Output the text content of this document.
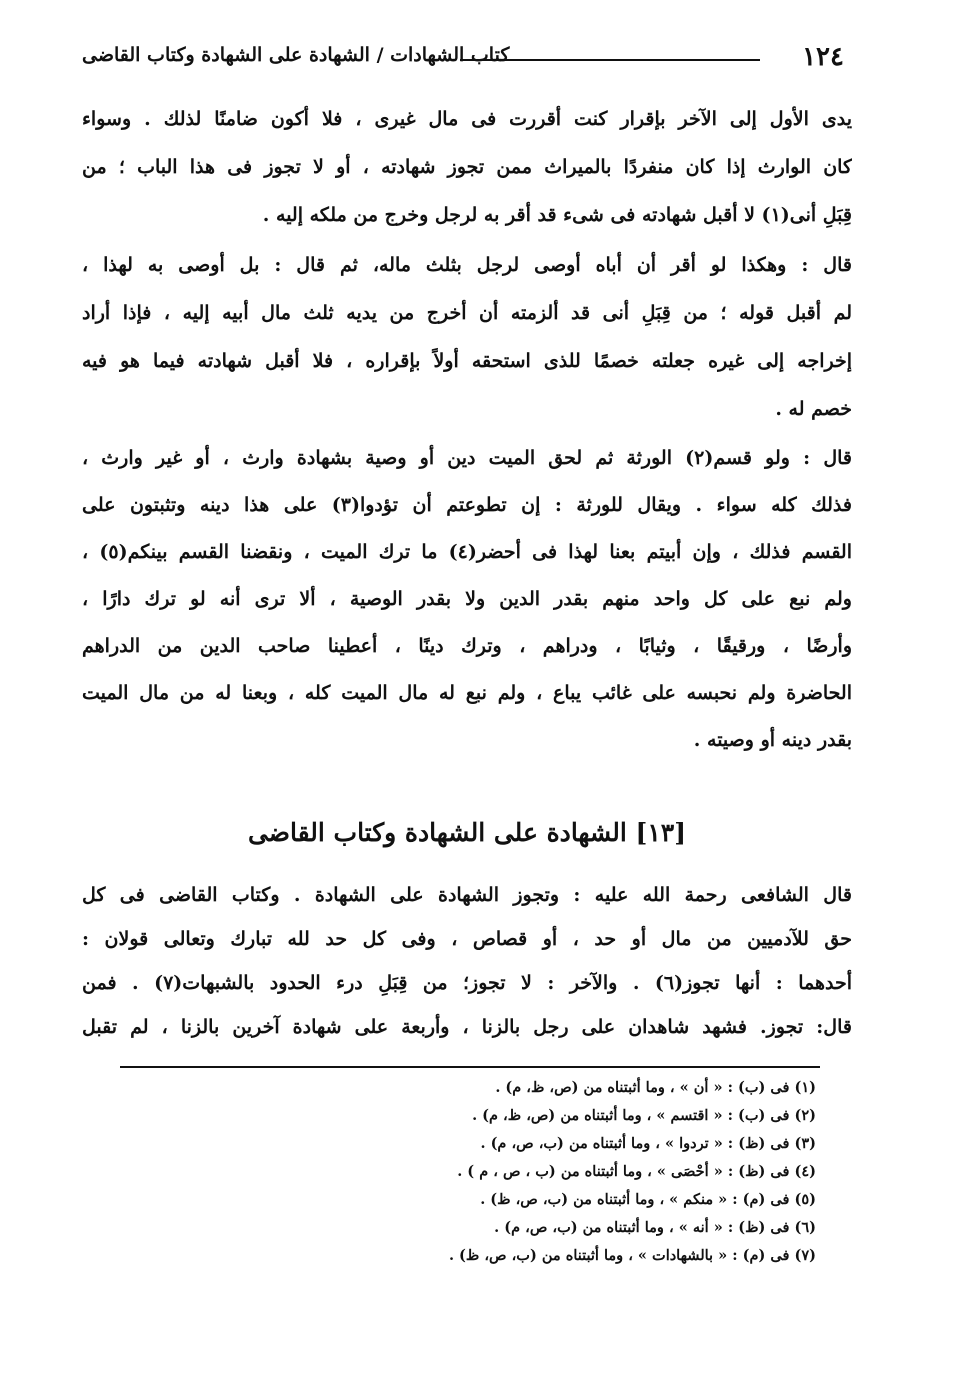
١٢٤
كتاب الشهادات / الشهادة على الشهادة وكتاب القاضى
يدى الأول إلى الآخر بإقرار كنت أقررت فى مال غيرى ، فلا أكون ضامنًا لذلك . وسواء
كان الوارث إذا كان منفردًا بالميراث ممن تجوز شهادته ، أو لا تجوز فى هذا الباب ؛ من
قِبَلِ أنى(١) لا أقبل شهادته فى شىء قد أقر به لرجل وخرج من ملكه إليه .
قال : وهكذا لو أقر أن أباه أوصى لرجل بثلث ماله، ثم قال : بل أوصى به لهذا ،
لم أقبل قوله ؛ من قِبَلِ أنى قد ألزمته أن أخرج من يديه ثلث مال أبيه إليه ، فإذا أراد
إخراجه إلى غيره جعلته خصمًا للذى استحقه أولاً بإقراره ، فلا أقبل شهادته فيما هو فيه
خصم له .
قال : ولو قسم(٢) الورثة ثم لحق الميت دين أو وصية بشهادة وارث ، أو غير وارث ،
فذلك كله سواء . ويقال للورثة : إن تطوعتم أن تؤدوا(٣) على هذا دينه وتثبتون على
القسم فذلك ، وإن أبيتم بعنا لهذا فى أحضر(٤) ما ترك الميت ، ونقضنا القسم بينكم(٥) ،
ولم نبع على كل واحد منهم بقدر الدين ولا بقدر الوصية ، ألا ترى أنه لو ترك دارًا ،
وأرضًا ، ورقيقًا ، وثيابًا ، ودراهم ، وترك دينًا ، أعطينا صاحب الدين من الدراهم
الحاضرة ولم نحبسه على غائب يباع ، ولم نبع له مال الميت كله ، وبعنا له من مال الميت
بقدر دينه أو وصيته .
[١٣] الشهادة على الشهادة وكتاب القاضى
قال الشافعى رحمة الله عليه : وتجوز الشهادة على الشهادة . وكتاب القاضى فى كل
حق للآدميين من مال أو حد ، أو قصاص ، وفى كل حد لله تبارك وتعالى قولان :
أحدهما : أنها تجوز(٦) . والآخر : لا تجوز؛ من قِبَلِ درء الحدود بالشبهات(٧) . فمن
قال: تجوز. فشهد شاهدان على رجل بالزنا ، وأربعة على شهادة آخرين بالزنا ، لم تقبل
(١) فى (ب) : « أن » ، وما أثبتناه من (ص، ظ، م) .
(٢) فى (ب) : « اقتسم » ، وما أثبتناه من (ص، ظ، م) .
(٣) فى (ظ) : « تردوا » ، وما أثبتناه من (ب، ص، م) .
(٤) فى (ظ) : « أحْصَى » ، وما أثبتناه من (ب ، ص ، م ) .
(٥) فى (م) : « منكم » ، وما أثبتناه من (ب، ص، ظ) .
(٦) فى (ظ) : « أنه » ، وما أثبتناه من (ب، ص، م) .
(٧) فى (م) : « بالشهادات » ، وما أثبتناه من (ب، ص، ظ) .
